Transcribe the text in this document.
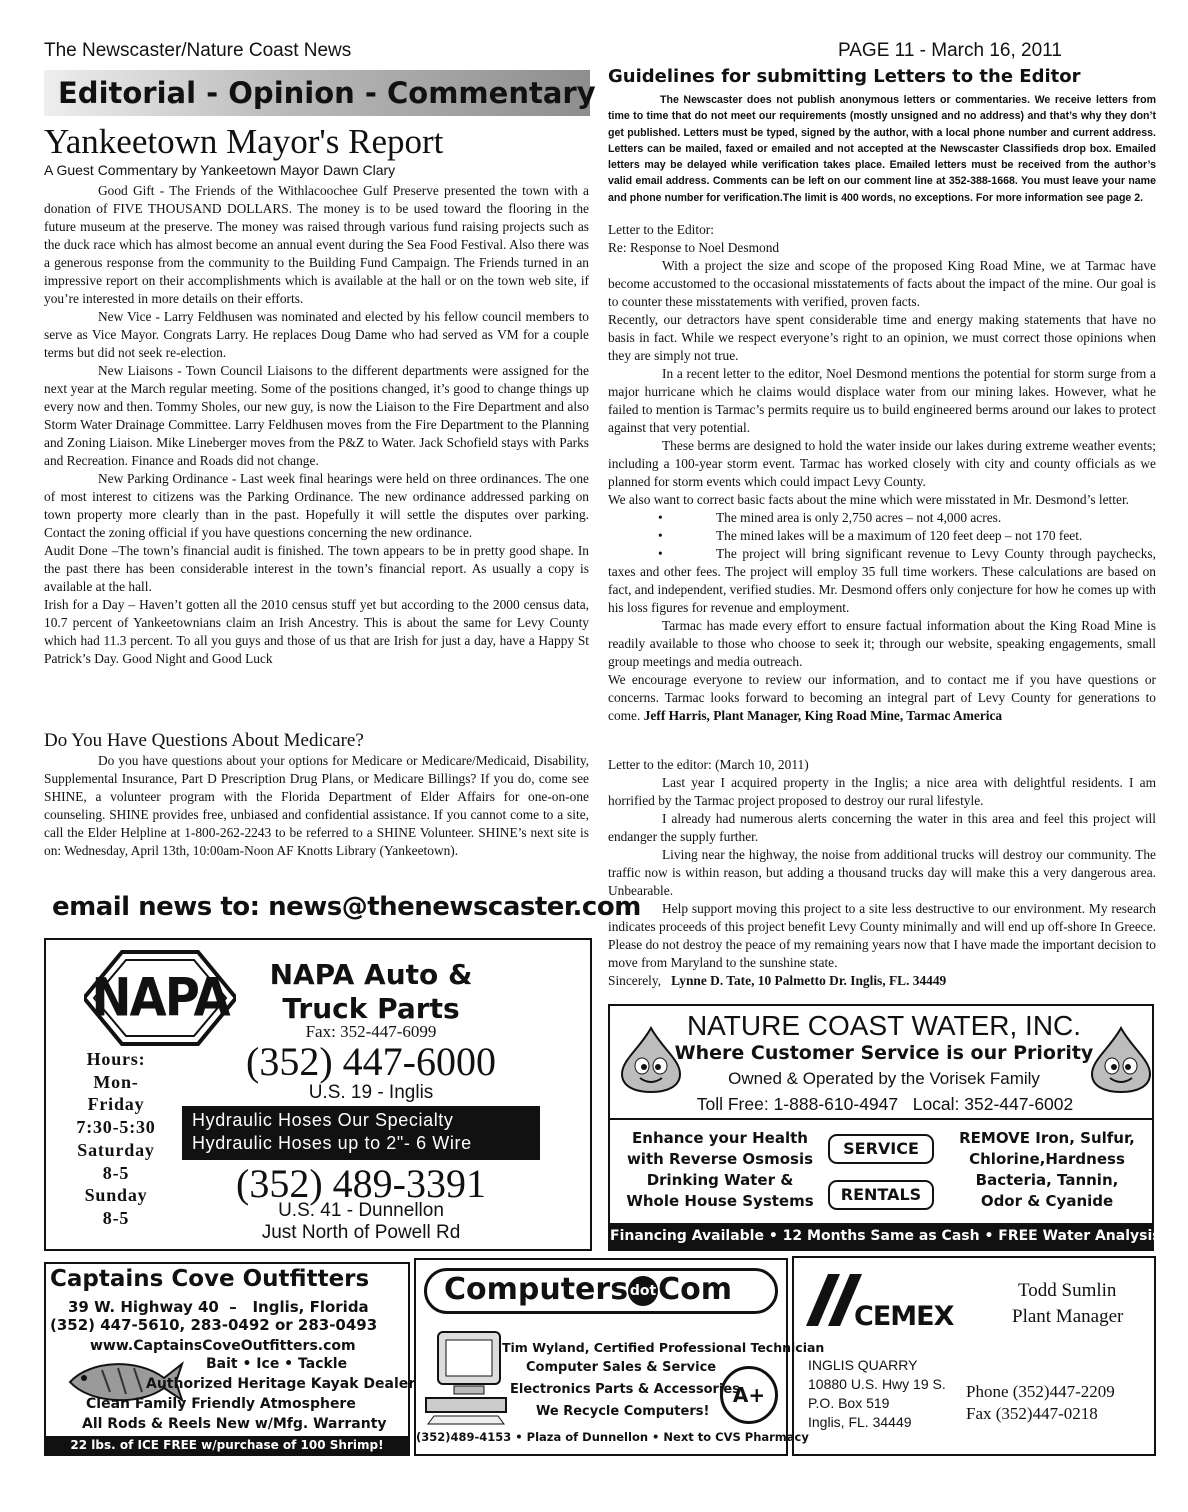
The Newscaster/Nature Coast News	PAGE 11 - March 16, 2011
Editorial - Opinion - Commentary
Yankeetown Mayor's Report
A Guest Commentary by Yankeetown Mayor Dawn Clary

Good Gift - The Friends of the Withlacoochee Gulf Preserve presented the town with a donation of FIVE THOUSAND DOLLARS. The money is to be used toward the flooring in the future museum at the preserve. The money was raised through various fund raising projects such as the duck race which has almost become an annual event during the Sea Food Festival. Also there was a generous response from the community to the Building Fund Campaign. The Friends turned in an impressive report on their accomplishments which is available at the hall or on the town web site, if you’re interested in more details on their efforts.

New Vice - Larry Feldhusen was nominated and elected by his fellow council members to serve as Vice Mayor. Congrats Larry. He replaces Doug Dame who had served as VM for a couple terms but did not seek re-election.

New Liaisons - Town Council Liaisons to the different departments were assigned for the next year at the March regular meeting. Some of the positions changed, it’s good to change things up every now and then. Tommy Sholes, our new guy, is now the Liaison to the Fire Department and also Storm Water Drainage Committee. Larry Feldhusen moves from the Fire Department to the Planning and Zoning Liaison. Mike Lineberger moves from the P&Z to Water. Jack Schofield stays with Parks and Recreation. Finance and Roads did not change.

New Parking Ordinance - Last week final hearings were held on three ordinances. The one of most interest to citizens was the Parking Ordinance. The new ordinance addressed parking on town property more clearly than in the past. Hopefully it will settle the disputes over parking. Contact the zoning official if you have questions concerning the new ordinance.

Audit Done –The town’s financial audit is finished. The town appears to be in pretty good shape. In the past there has been considerable interest in the town’s financial report. As usually a copy is available at the hall.

Irish for a Day – Haven’t gotten all the 2010 census stuff yet but according to the 2000 census data, 10.7 percent of Yankeetownians claim an Irish Ancestry. This is about the same for Levy County which had 11.3 percent. To all you guys and those of us that are Irish for just a day, have a Happy St Patrick’s Day. Good Night and Good Luck

Do You Have Questions About Medicare?

Do you have questions about your options for Medicare or Medicare/Medicaid, Disability, Supplemental Insurance, Part D Prescription Drug Plans, or Medicare Billings? If you do, come see SHINE, a volunteer program with the Florida Department of Elder Affairs for one-on-one counseling. SHINE provides free, unbiased and confidential assistance. If you cannot come to a site, call the Elder Helpline at 1-800-262-2243 to be referred to a SHINE Volunteer. SHINE’s next site is on: Wednesday, April 13th, 10:00am-Noon AF Knotts Library (Yankeetown).

email news to: news@thenewscaster.com
Guidelines for submitting Letters to the Editor

The Newscaster does not publish anonymous letters or commentaries. We receive letters from time to time that do not meet our requirements (mostly unsigned and no address) and that’s why they don’t get published. Letters must be typed, signed by the author, with a local phone number and current address. Letters can be mailed, faxed or emailed and not accepted at the Newscaster Classifieds drop box. Emailed letters may be delayed while verification takes place. Emailed letters must be received from the author’s valid email address. Comments can be left on our comment line at 352-388-1668. You must leave your name and phone number for verification.The limit is 400 words, no exceptions. For more information see page 2.

Letter to the Editor:

Re: Response to Noel Desmond

With a project the size and scope of the proposed King Road Mine, we at Tarmac have become accustomed to the occasional misstatements of facts about the impact of the mine. Our goal is to counter these misstatements with verified, proven facts.

Recently, our detractors have spent considerable time and energy making statements that have no basis in fact. While we respect everyone’s right to an opinion, we must correct those opinions when they are simply not true.

In a recent letter to the editor, Noel Desmond mentions the potential for storm surge from a major hurricane which he claims would displace water from our mining lakes. However, what he failed to mention is Tarmac’s permits require us to build engineered berms around our lakes to protect against that very potential.

These berms are designed to hold the water inside our lakes during extreme weather events; including a 100-year storm event. Tarmac has worked closely with city and county officials as we planned for storm events which could impact Levy County.

We also want to correct basic facts about the mine which were misstated in Mr. Desmond’s letter.

•	The mined area is only 2,750 acres – not 4,000 acres.

•	The mined lakes will be a maximum of 120 feet deep – not 170 feet.

•	The project will bring significant revenue to Levy County through paychecks, taxes and other fees. The project will employ 35 full time workers. These calculations are based on fact, and independent, verified studies. Mr. Desmond offers only conjecture for how he comes up with his loss figures for revenue and employment.

Tarmac has made every effort to ensure factual information about the King Road Mine is readily available to those who choose to seek it; through our website, speaking engagements, small group meetings and media outreach.

We encourage everyone to review our information, and to contact me if you have questions or concerns. Tarmac looks forward to becoming an integral part of Levy County for generations to come. Jeff Harris, Plant Manager, King Road Mine, Tarmac America

Letter to the editor: (March 10, 2011)

Last year I acquired property in the Inglis; a nice area with delightful residents. I am horrified by the Tarmac project proposed to destroy our rural lifestyle.

I already had numerous alerts concerning the water in this area and feel this project will endanger the supply further.

Living near the highway, the noise from additional trucks will destroy our community. The traffic now is within reason, but adding a thousand trucks day will make this a very dangerous area. Unbearable.

Help support moving this project to a site less destructive to our environment. My research indicates proceeds of this project benefit Levy County minimally and will end up off-shore In Greece. Please do not destroy the peace of my remaining years now that I have made the important decision to move from Maryland to the sunshine state.

Sincerely, Lynne D. Tate, 10 Palmetto Dr. Inglis, FL. 34449

NAPA	NAPA Auto &
Truck Parts
Fax: 352-447-6099
(352) 447-6000
U.S. 19 - Inglis
Hydraulic Hoses Our Specialty
Hydraulic Hoses up to 2"- 6 Wire
(352) 489-3391
U.S. 41 - Dunnellon
Just North of Powell Rd
Hours:
Mon-
Friday
7:30-5:30
Saturday
8-5
Sunday
8-5
NATURE COAST WATER, INC.
Where Customer Service is our Priority
Owned & Operated by the Vorisek Family
Toll Free: 1-888-610-4947   Local: 352-447-6002
Enhance your Health
with Reverse Osmosis
Drinking Water &
Whole House Systems
SERVICE
RENTALS
REMOVE Iron, Sulfur,
Chlorine,Hardness
Bacteria, Tannin,
Odor & Cyanide
Financing Available • 12 Months Same as Cash • FREE Water Analysis
Captains Cove Outfitters
39 W. Highway 40  –   Inglis, Florida
(352) 447-5610, 283-0492 or 283-0493
www.CaptainsCoveOutfitters.com
Bait • Ice • Tackle
Authorized Heritage Kayak Dealer
Clean Family Friendly Atmosphere
All Rods & Reels New w/Mfg. Warranty
22 lbs. of ICE FREE w/purchase of 100 Shrimp!
Computers dotCom
Tim Wyland, Certified Professional Technician
Computer Sales & Service
Electronics Parts & Accessories
We Recycle Computers!
A+
(352)489-4153 • Plaza of Dunnellon • Next to CVS Pharmacy
CEMEX
Todd Sumlin
Plant Manager
INGLIS QUARRY
10880 U.S. Hwy 19 S.
P.O. Box 519
Inglis, FL. 34449
Phone (352)447-2209
Fax (352)447-0218
